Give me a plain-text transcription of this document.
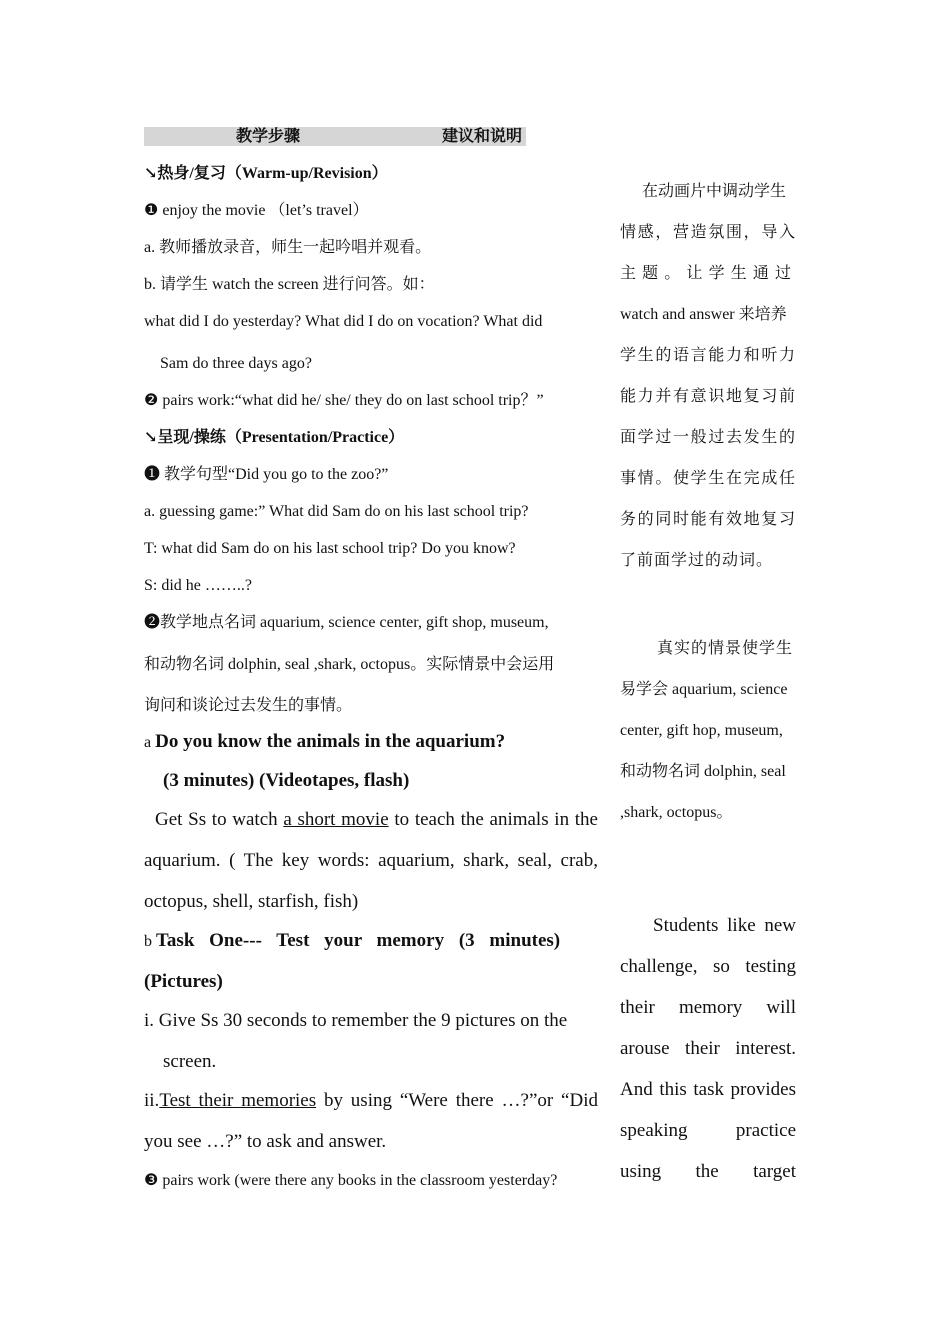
教学步骤	建议和说明
↘热身/复习（Warm-up/Revision）
❶ enjoy the movie （let’s travel）
a. 教师播放录音，师生一起吟唱并观看。
b. 请学生 watch the screen 进行问答。如：
what did I do yesterday? What did I do on vocation? What did
Sam do three days ago?
❷ pairs work:“what did he/ she/ they do on last school trip？”
↘呈现/操练（Presentation/Practice）
❶ 教学句型“Did you go to the zoo?”
a. guessing game:” What did Sam do on his last school trip?
T: what did Sam do on his last school trip? Do you know?
S: did he ……..?
❷教学地点名词 aquarium, science center, gift shop, museum,
和动物名词 dolphin, seal ,shark, octopus。实际情景中会运用
询问和谈论过去发生的事情。
a Do you know the animals in the aquarium?
(3 minutes) (Videotapes, flash)
Get Ss to watch a short movie to teach the animals in the
aquarium. ( The key words: aquarium, shark, seal, crab,
octopus, shell, starfish, fish)
b Task One--- Test your memory (3 minutes)
(Pictures)
i. Give Ss 30 seconds to remember the 9 pictures on the
screen.
ii.Test their memories by using “Were there …?”or “Did
you see …?” to ask and answer.
❸ pairs work (were there any books in the classroom yesterday?
在动画片中调动学生
情感，营造氛围，导入
主题。让学生通过
watch and answer 来培养
学生的语言能力和听力
能力并有意识地复习前
面学过一般过去发生的
事情。使学生在完成任
务的同时能有效地复习
了前面学过的动词。
真实的情景使学生
易学会 aquarium, science
center, gift hop, museum,
和动物名词 dolphin, seal
,shark, octopus。
Students like new
challenge, so testing
their memory will
arouse their interest.
And this task provides
speaking practice
using the target
